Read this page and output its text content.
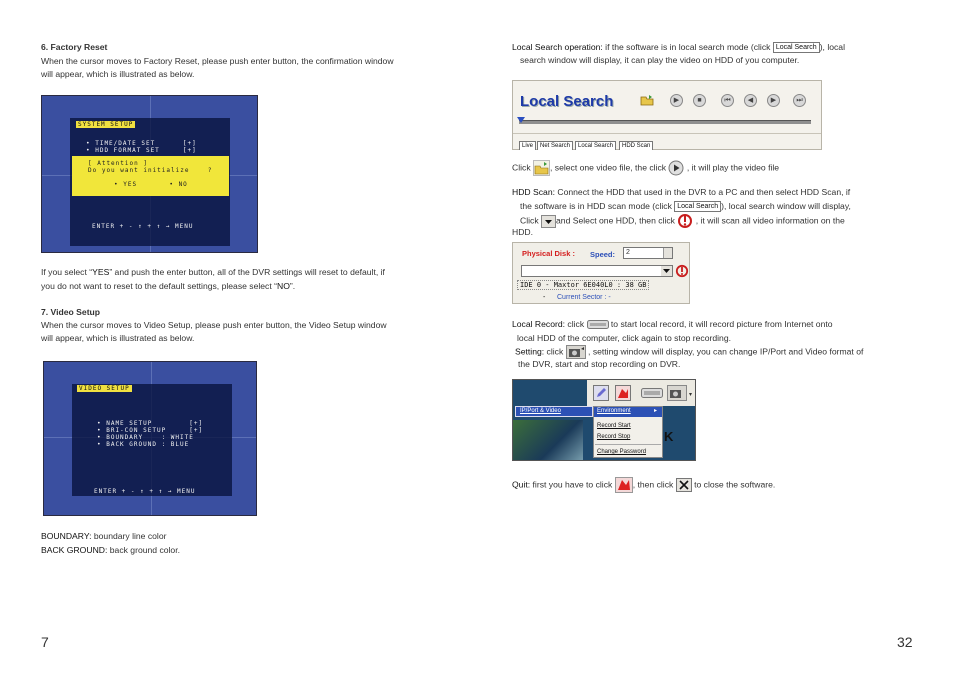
6. Factory Reset

When the cursor moves to Factory Reset, please push enter button, the confirmation window

will appear, which is illustrated as below.

SYSTEM SETUP
• TIME/DATE SET      [+]
• HDD FORMAT SET     [+]
[ Attention ]
Do you want initialize    ?
• YES       • NO
ENTER + - ↑ + ↑ → MENU

If you select “YES” and push the enter button, all of the DVR settings will reset to default, if

you do not want to reset to the default settings, please select “NO”.

7. Video Setup

When the cursor moves to Video Setup, please push enter button, the Video Setup window

will appear, which is illustrated as below.

VIDEO SETUP
• NAME SETUP        [+]
• BRI-CON SETUP     [+]
• BOUNDARY    : WHITE
• BACK GROUND : BLUE
ENTER + - ↑ + ↑ → MENU

BOUNDARY: boundary line color

BACK GROUND: back ground color.

7

Local Search operation: if the software is in local search mode (click Local Search ), local

search window will display, it can play the video on HDD of you computer.

Local Search	▶	■	⏮	◀	▶	⏭
Live	Net Search	Local Search	HDD Scan

Click , select one video file, the click , it will play the video file

HDD Scan: Connect the HDD that used in the DVR to a PC and then select HDD Scan, if

the software is in HDD scan mode (click Local Search ), local search window will display,

Click and Select one HDD, then click , it will scan all video information on the

HDD.

Physical Disk : Speed:	2
IDE 0 - Maxtor 6E040L0 : 38 GB
- Current Sector : -

Local Record: click	to start local record, it will record picture from Internet onto

local HDD of the computer, click again to stop recording.

Setting: click	, setting window will display, you can change IP/Port and Video format of

the DVR, start and stop recording on DVR.

▾
IP/Port & Video	Environment	▸
Record Start
Record Stop
Change Password
K

Quit: first you have to click , then click to close the software.

32
